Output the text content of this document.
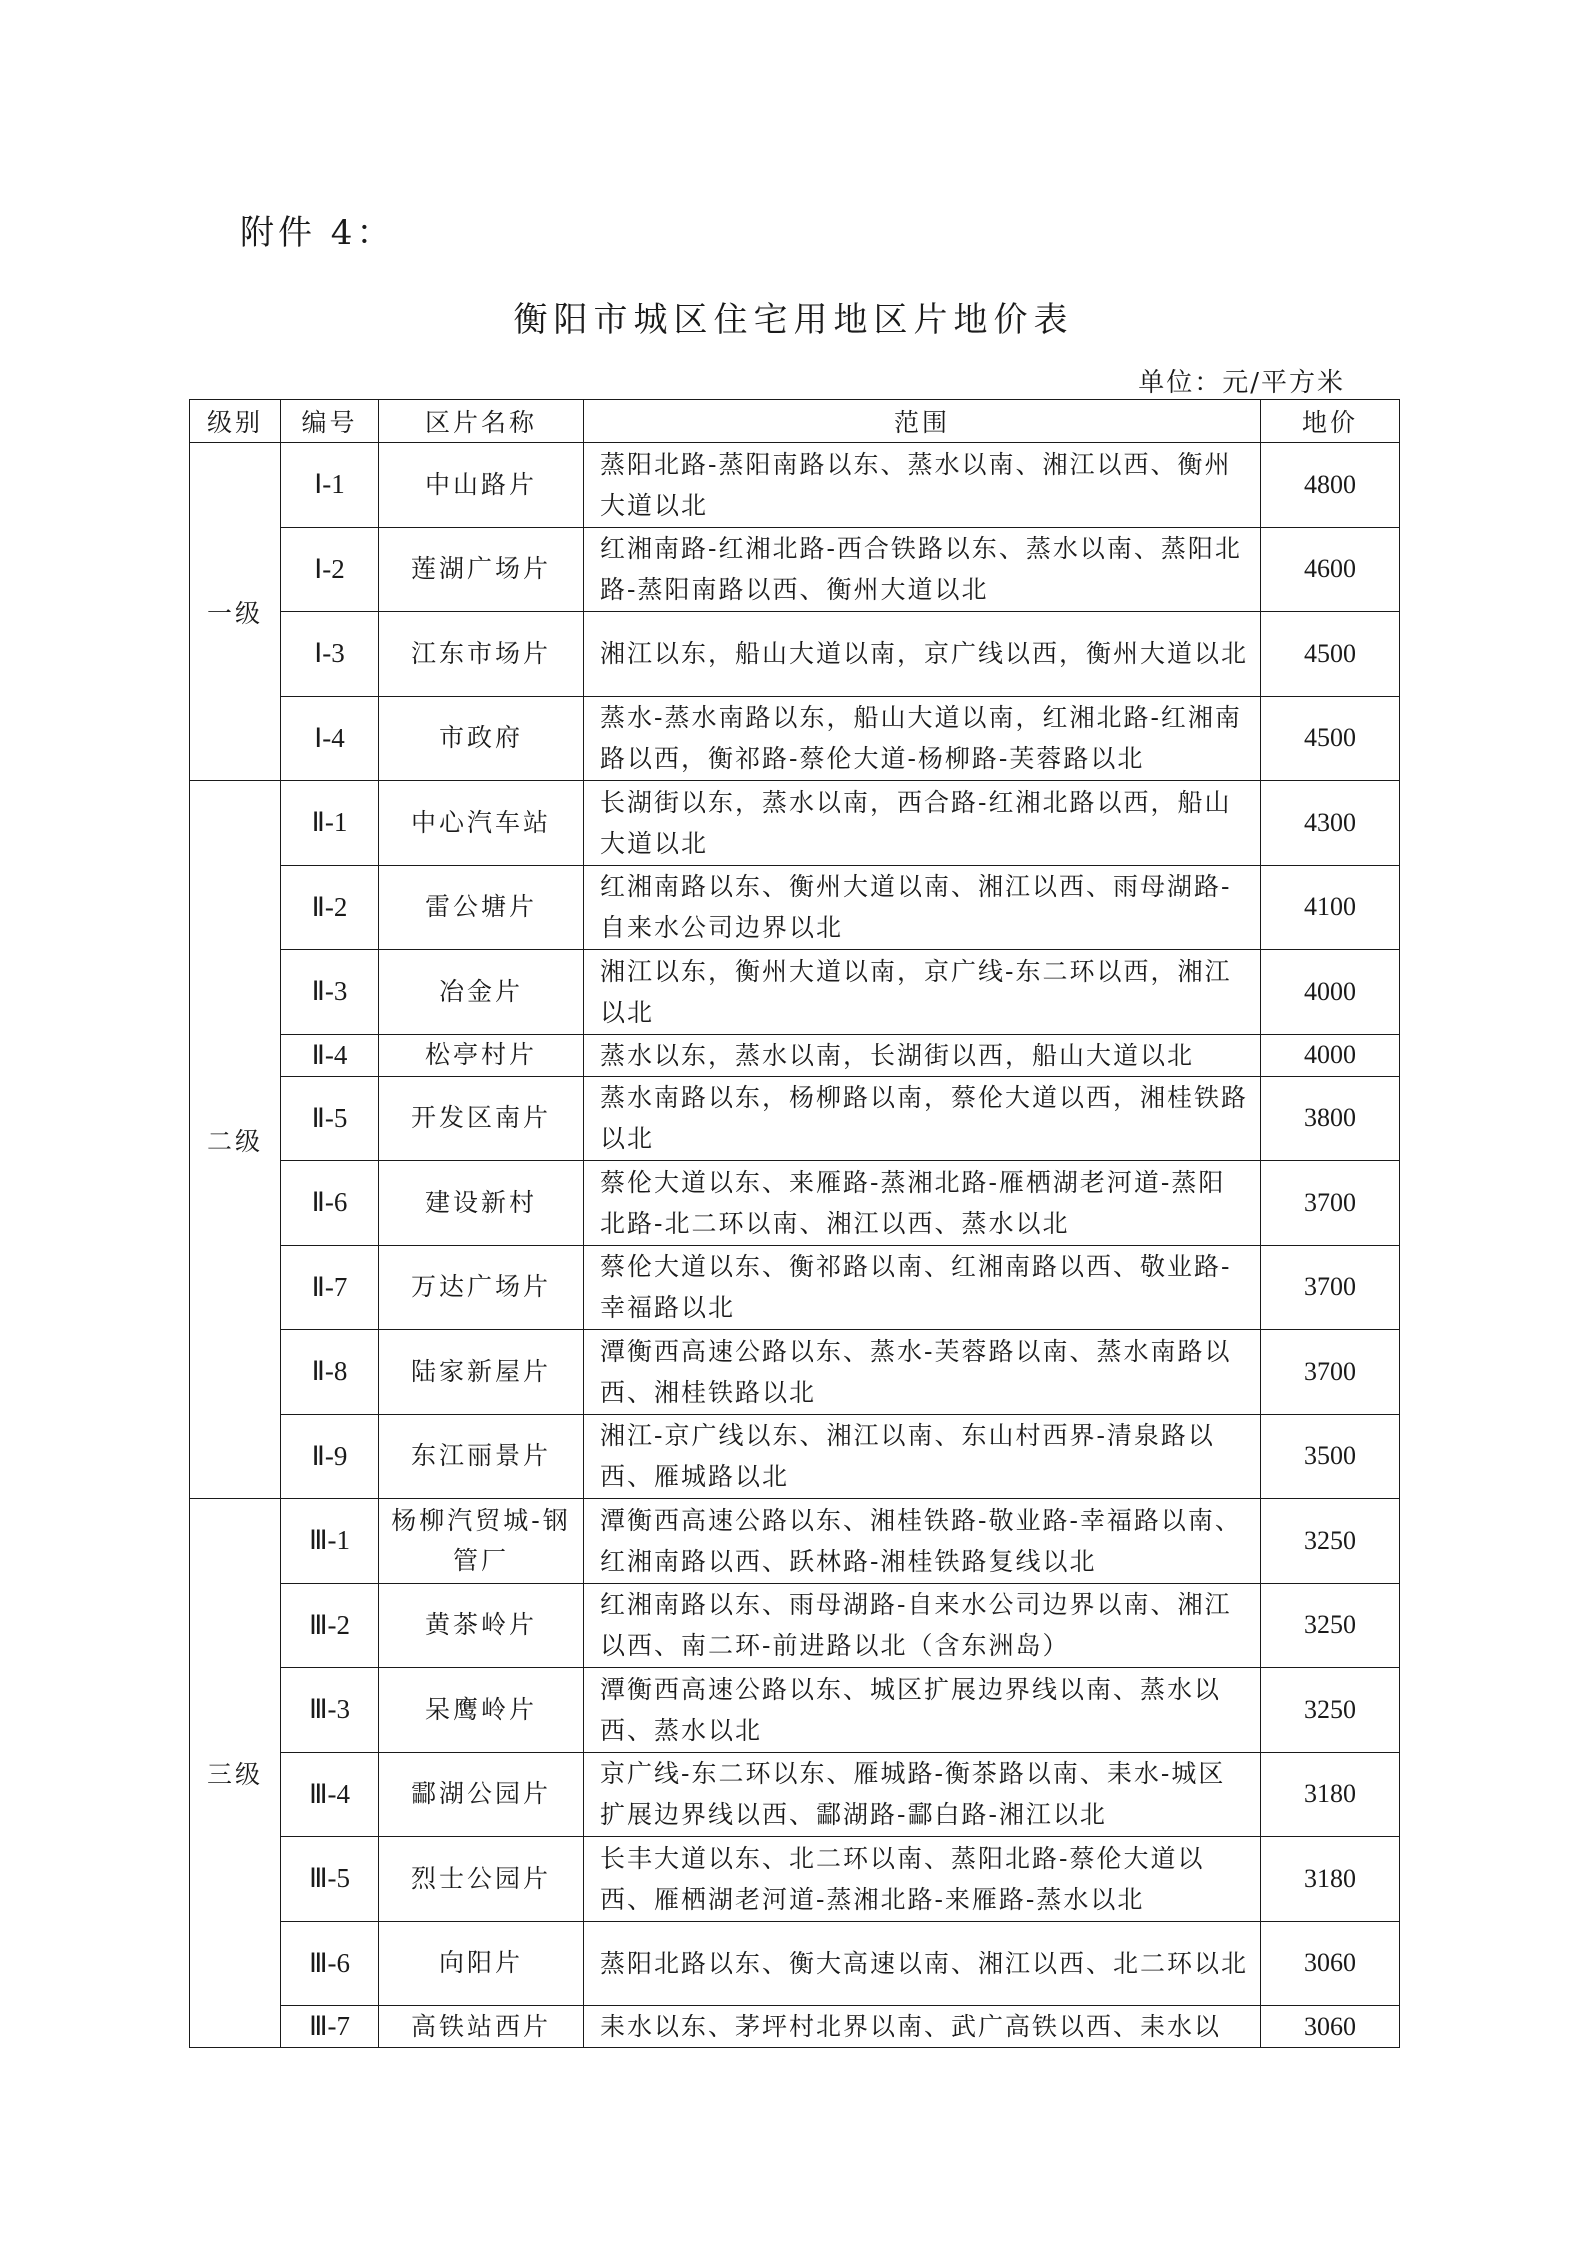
附件 4：
衡阳市城区住宅用地区片地价表
单位：元/平方米
级别	编号	区片名称	范围	地价
一级	Ⅰ-1	中山路片	蒸阳北路-蒸阳南路以东、蒸水以南、湘江以西、衡州大道以北	4800
	Ⅰ-2	莲湖广场片	红湘南路-红湘北路-西合铁路以东、蒸水以南、蒸阳北路-蒸阳南路以西、衡州大道以北	4600
	Ⅰ-3	江东市场片	湘江以东，船山大道以南，京广线以西，衡州大道以北	4500
	Ⅰ-4	市政府	蒸水-蒸水南路以东，船山大道以南，红湘北路-红湘南路以西，衡祁路-蔡伦大道-杨柳路-芙蓉路以北	4500
二级	Ⅱ-1	中心汽车站	长湖街以东，蒸水以南，西合路-红湘北路以西，船山大道以北	4300
	Ⅱ-2	雷公塘片	红湘南路以东、衡州大道以南、湘江以西、雨母湖路-自来水公司边界以北	4100
	Ⅱ-3	冶金片	湘江以东，衡州大道以南，京广线-东二环以西，湘江以北	4000
	Ⅱ-4	松亭村片	蒸水以东，蒸水以南，长湖街以西，船山大道以北	4000
	Ⅱ-5	开发区南片	蒸水南路以东，杨柳路以南，蔡伦大道以西，湘桂铁路以北	3800
	Ⅱ-6	建设新村	蔡伦大道以东、来雁路-蒸湘北路-雁栖湖老河道-蒸阳北路-北二环以南、湘江以西、蒸水以北	3700
	Ⅱ-7	万达广场片	蔡伦大道以东、衡祁路以南、红湘南路以西、敬业路-幸福路以北	3700
	Ⅱ-8	陆家新屋片	潭衡西高速公路以东、蒸水-芙蓉路以南、蒸水南路以西、湘桂铁路以北	3700
	Ⅱ-9	东江丽景片	湘江-京广线以东、湘江以南、东山村西界-清泉路以西、雁城路以北	3500
三级	Ⅲ-1	杨柳汽贸城-钢管厂	潭衡西高速公路以东、湘桂铁路-敬业路-幸福路以南、红湘南路以西、跃林路-湘桂铁路复线以北	3250
	Ⅲ-2	黄茶岭片	红湘南路以东、雨母湖路-自来水公司边界以南、湘江以西、南二环-前进路以北（含东洲岛）	3250
	Ⅲ-3	呆鹰岭片	潭衡西高速公路以东、城区扩展边界线以南、蒸水以西、蒸水以北	3250
	Ⅲ-4	酃湖公园片	京广线-东二环以东、雁城路-衡茶路以南、耒水-城区扩展边界线以西、酃湖路-酃白路-湘江以北	3180
	Ⅲ-5	烈士公园片	长丰大道以东、北二环以南、蒸阳北路-蔡伦大道以西、雁栖湖老河道-蒸湘北路-来雁路-蒸水以北	3180
	Ⅲ-6	向阳片	蒸阳北路以东、衡大高速以南、湘江以西、北二环以北	3060
	Ⅲ-7	高铁站西片	耒水以东、茅坪村北界以南、武广高铁以西、耒水以	3060
